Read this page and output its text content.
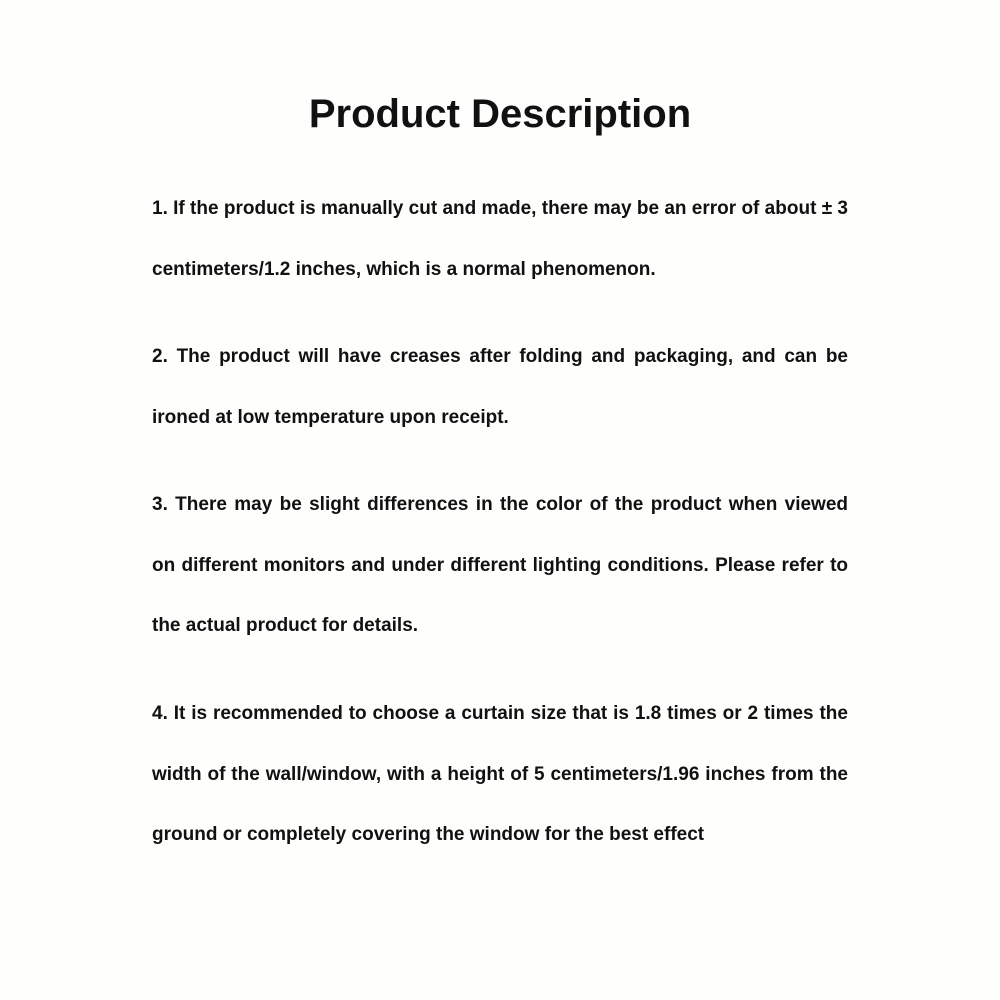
Product Description

1. If the product is manually cut and made, there may be an error of about ± 3 centimeters/1.2 inches, which is a normal phenomenon.

2. The product will have creases after folding and packaging, and can be ironed at low temperature upon receipt.

3. There may be slight differences in the color of the product when viewed on different monitors and under different lighting conditions. Please refer to the actual product for details.

4. It is recommended to choose a curtain size that is 1.8 times or 2 times the width of the wall/window, with a height of 5 centimeters/1.96 inches from the ground or completely covering the window for the best effect
